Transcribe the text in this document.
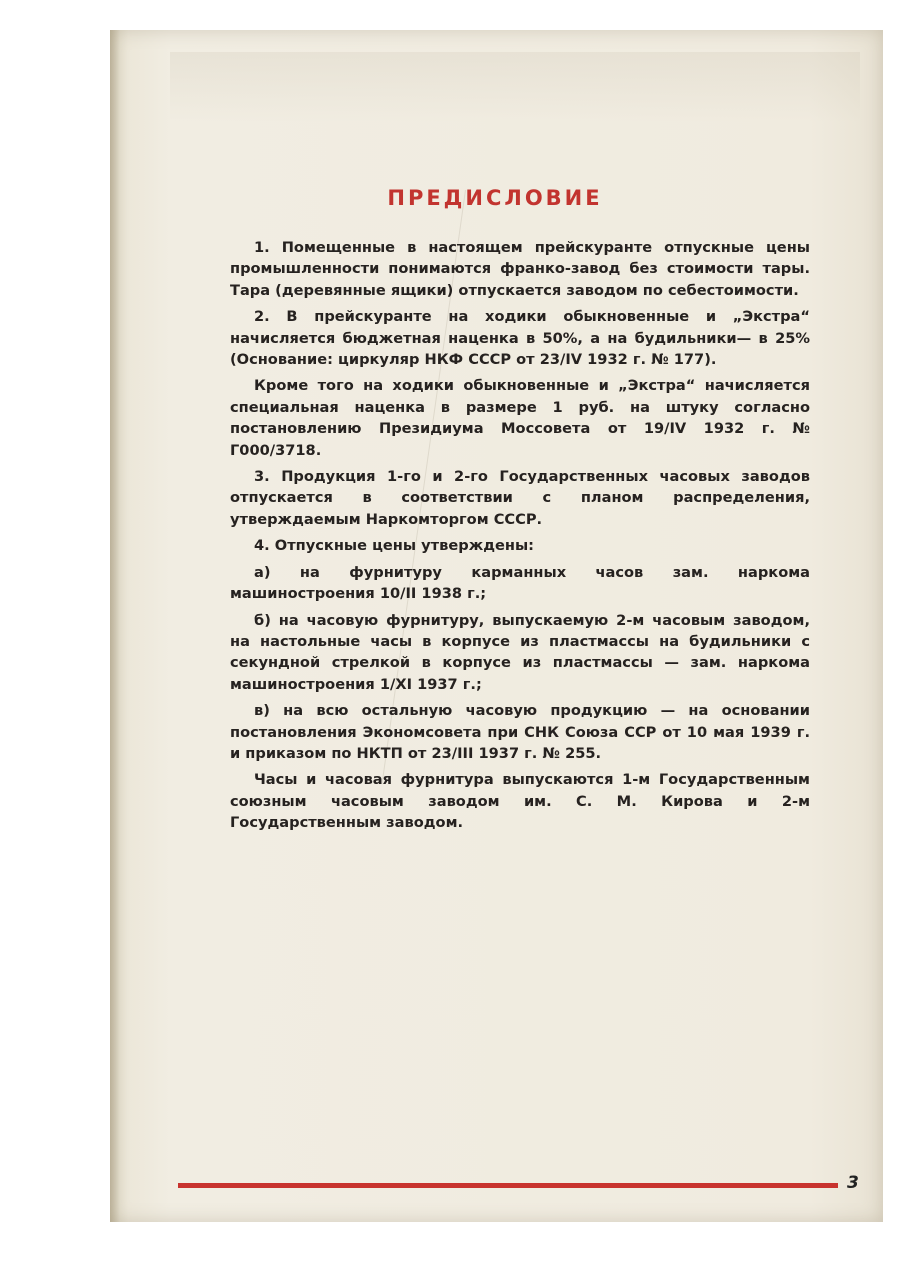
ПРЕДИСЛОВИЕ

1. Помещенные в настоящем прейскуранте отпускные цены промышленности понимаются франко-завод без стоимости тары. Тара (деревянные ящики) отпускается заводом по себестоимости.

2. В прейскуранте на ходики обыкновенные и „Экстра“ начисляется бюджетная наценка в 50%, а на будильники— в 25% (Основание: циркуляр НКФ СССР от 23/IV 1932 г. № 177).

Кроме того на ходики обыкновенные и „Экстра“ начисляется специальная наценка в размере 1 руб. на штуку согласно постановлению Президиума Моссовета от 19/IV 1932 г. № Г000/3718.

3. Продукция 1-го и 2-го Государственных часовых заводов отпускается в соответствии с планом распределения, утверждаемым Наркомторгом СССР.

4. Отпускные цены утверждены:

а) на фурнитуру карманных часов зам. наркома машиностроения 10/II 1938 г.;

б) на часовую фурнитуру, выпускаемую 2-м часовым заводом, на настольные часы в корпусе из пластмассы на будильники с секундной стрелкой в корпусе из пластмассы — зам. наркома машиностроения 1/XI 1937 г.;

в) на всю остальную часовую продукцию — на основании постановления Экономсовета при СНК Союза ССР от 10 мая 1939 г. и приказом по НКТП от 23/III 1937 г. № 255.

Часы и часовая фурнитура выпускаются 1-м Государственным союзным часовым заводом им. С. М. Кирова и 2-м Государственным заводом.

3
